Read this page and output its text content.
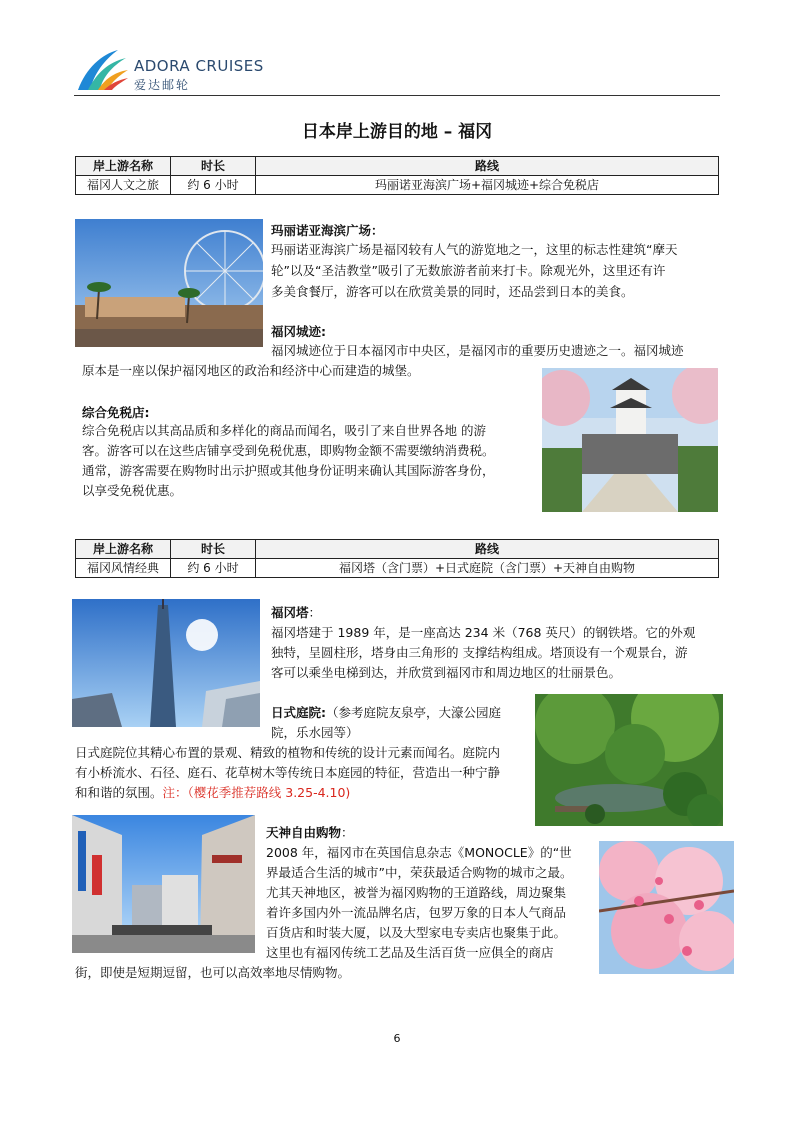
ADORA CRUISES
爱达邮轮
日本岸上游目的地 – 福冈
岸上游名称	时长	路线
福冈人文之旅	约 6 小时	玛丽诺亚海滨广场+福冈城迹+综合免税店
玛丽诺亚海滨广场：
玛丽诺亚海滨广场是福冈较有人气的游览地之一，这里的标志性建筑“摩天
轮”以及“圣洁教堂”吸引了无数旅游者前来打卡。除观光外，这里还有许
多美食餐厅，游客可以在欣赏美景的同时，还品尝到日本的美食。
福冈城迹:
福冈城迹位于日本福冈市中央区，是福冈市的重要历史遗迹之一。福冈城迹
原本是一座以保护福冈地区的政治和经济中心而建造的城堡。
综合免税店:
综合免税店以其高品质和多样化的商品而闻名，吸引了来自世界各地 的游
客。游客可以在这些店铺享受到免税优惠，即购物金额不需要缴纳消费税。
通常，游客需要在购物时出示护照或其他身份证明来确认其国际游客身份，
以享受免税优惠。
岸上游名称	时长	路线
福冈风情经典	约 6 小时	福冈塔（含门票）+日式庭院（含门票）+天神自由购物
福冈塔：
福冈塔建于 1989 年，是一座高达 234 米（768 英尺）的钢铁塔。它的外观
独特，呈圆柱形，塔身由三角形的 支撑结构组成。塔顶设有一个观景台，游
客可以乘坐电梯到达，并欣赏到福冈市和周边地区的壮丽景色。
日式庭院:（参考庭院友泉亭，大濠公园庭
院，乐水园等）
日式庭院位其精心布置的景观、精致的植物和传统的设计元素而闻名。庭院内
有小桥流水、石径、庭石、花草树木等传统日本庭园的特征，营造出一种宁静
和和谐的氛围。注：（樱花季推荐路线 3.25-4.10)
天神自由购物：
2008 年，福冈市在英国信息杂志《MONOCLE》的“世
界最适合生活的城市”中，荣获最适合购物的城市之最。
尤其天神地区，被誉为福冈购物的王道路线，周边聚集
着许多国内外一流品牌名店，包罗万象的日本人气商品
百货店和时装大厦，以及大型家电专卖店也聚集于此。
这里也有福冈传统工艺品及生活百货一应俱全的商店
街，即使是短期逗留，也可以高效率地尽情购物。
6
